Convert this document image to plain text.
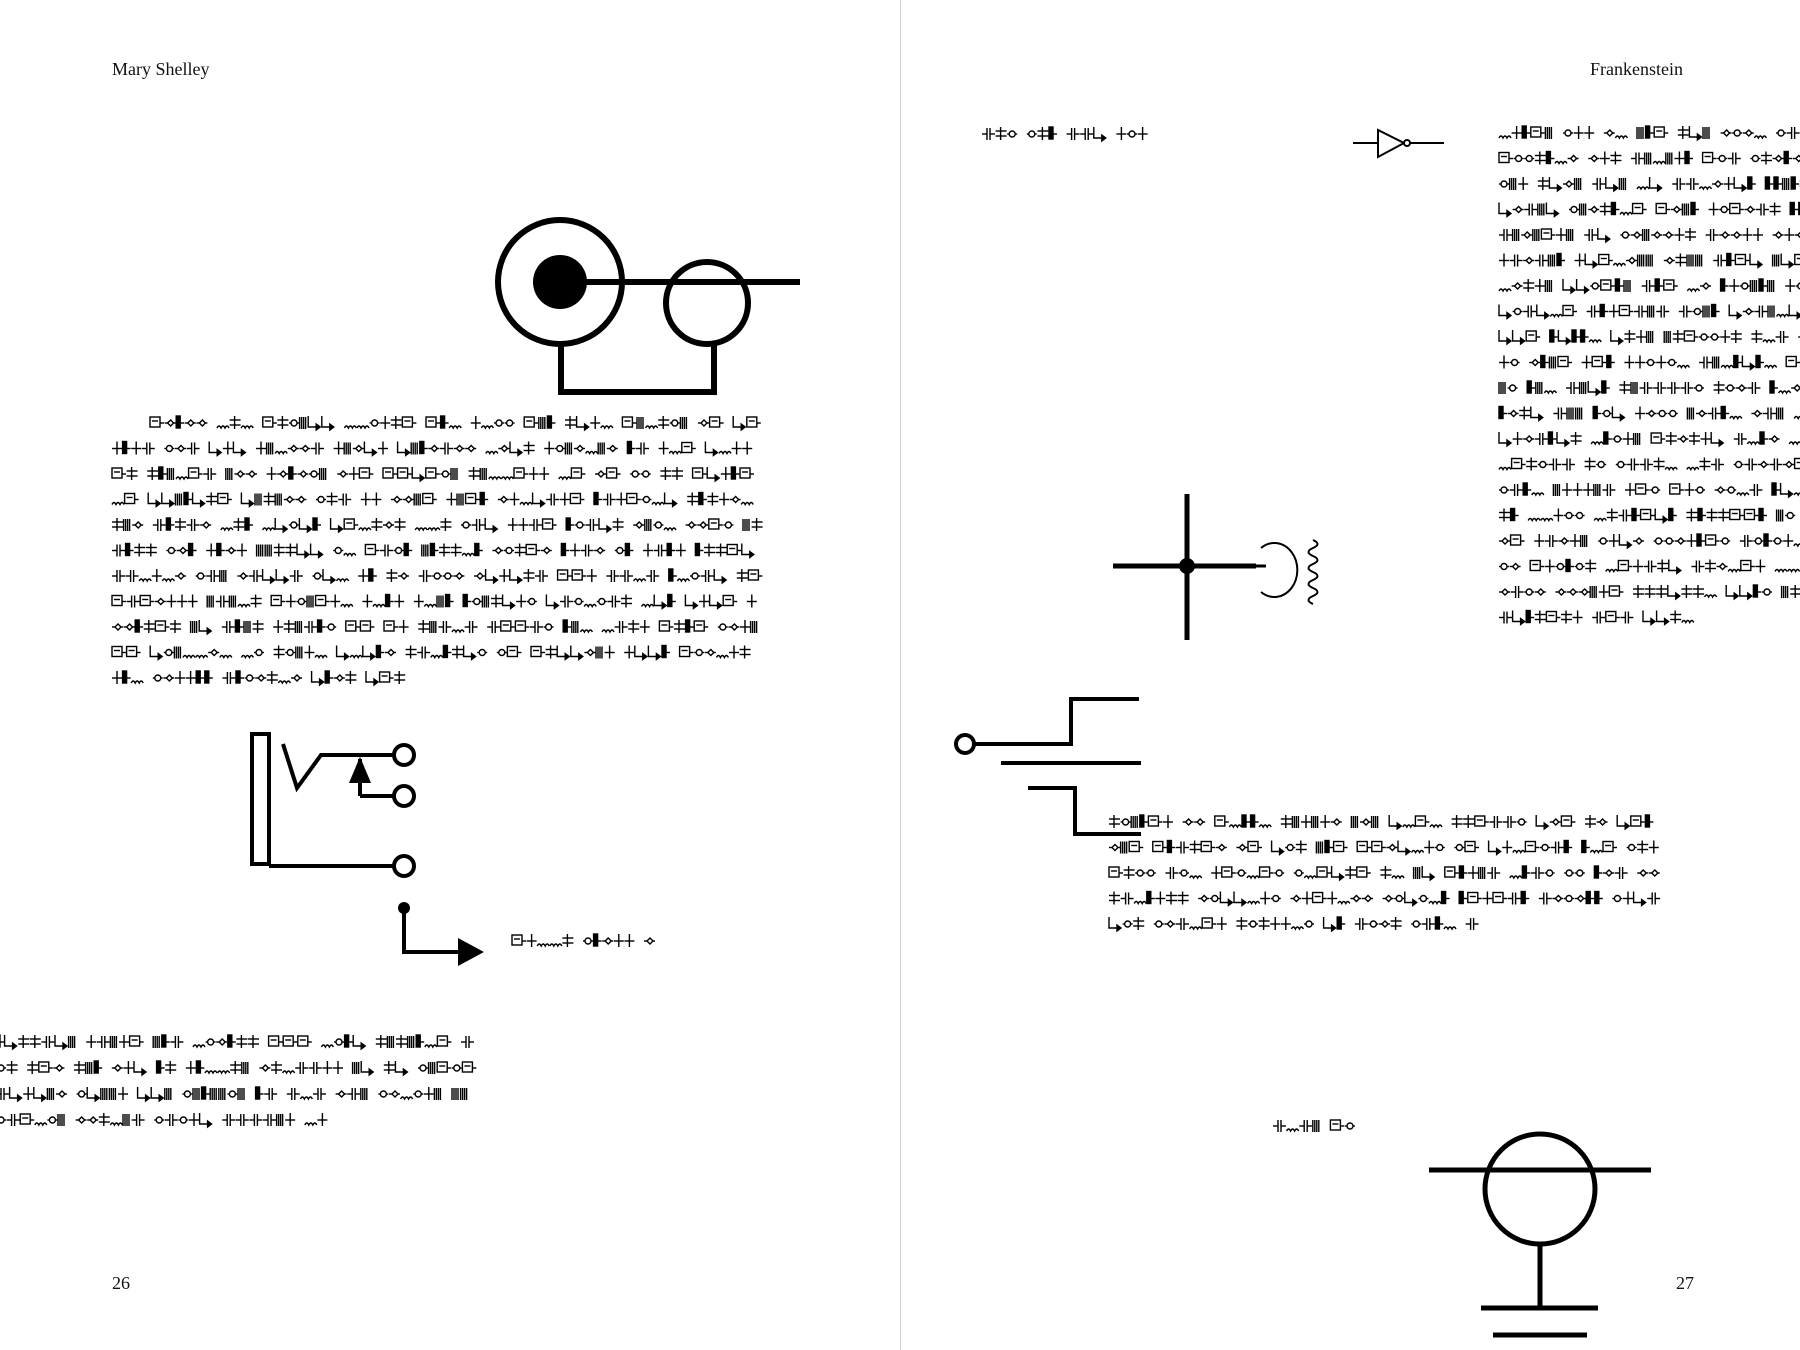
Mary Shelley
26
Frankenstein
27
